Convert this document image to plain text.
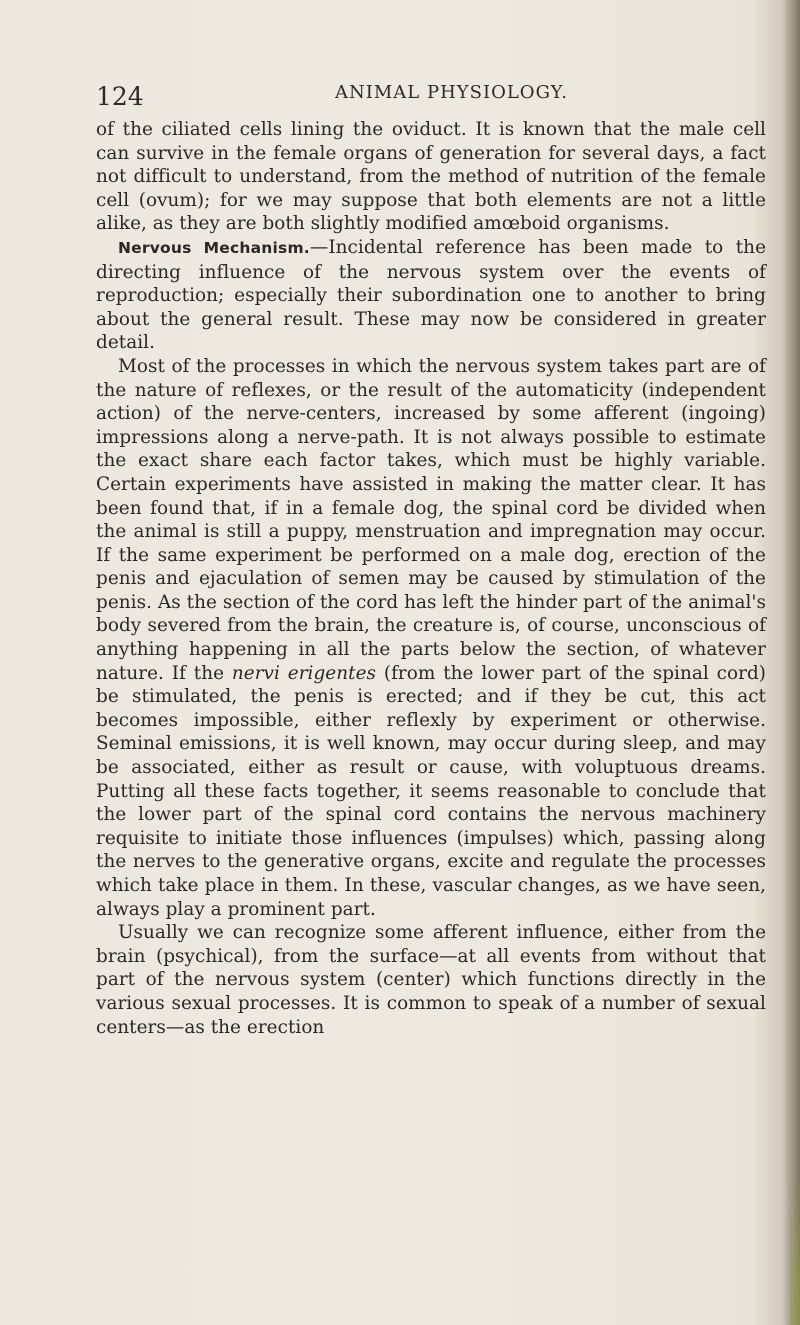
124	ANIMAL PHYSIOLOGY.

of the ciliated cells lining the oviduct. It is known that the male cell can survive in the female organs of generation for several days, a fact not difficult to understand, from the method of nutrition of the female cell (ovum); for we may suppose that both elements are not a little alike, as they are both slightly modified amœboid organisms.

Nervous Mechanism.—Incidental reference has been made to the directing influence of the nervous system over the events of reproduction; especially their subordination one to another to bring about the general result. These may now be considered in greater detail.

Most of the processes in which the nervous system takes part are of the nature of reflexes, or the result of the automaticity (independent action) of the nerve-centers, increased by some afferent (ingoing) impressions along a nerve-path. It is not always possible to estimate the exact share each factor takes, which must be highly variable. Certain experiments have assisted in making the matter clear. It has been found that, if in a female dog, the spinal cord be divided when the animal is still a puppy, menstruation and impregnation may occur. If the same experiment be performed on a male dog, erection of the penis and ejaculation of semen may be caused by stimulation of the penis. As the section of the cord has left the hinder part of the animal's body severed from the brain, the creature is, of course, unconscious of anything happening in all the parts below the section, of whatever nature. If the nervi erigentes (from the lower part of the spinal cord) be stimulated, the penis is erected; and if they be cut, this act becomes impossible, either reflexly by experiment or otherwise. Seminal emissions, it is well known, may occur during sleep, and may be associated, either as result or cause, with voluptuous dreams. Putting all these facts together, it seems reasonable to conclude that the lower part of the spinal cord contains the nervous machinery requisite to initiate those influences (impulses) which, passing along the nerves to the generative organs, excite and regulate the processes which take place in them. In these, vascular changes, as we have seen, always play a prominent part.

Usually we can recognize some afferent influence, either from the brain (psychical), from the surface—at all events from without that part of the nervous system (center) which functions directly in the various sexual processes. It is common to speak of a number of sexual centers—as the erection
